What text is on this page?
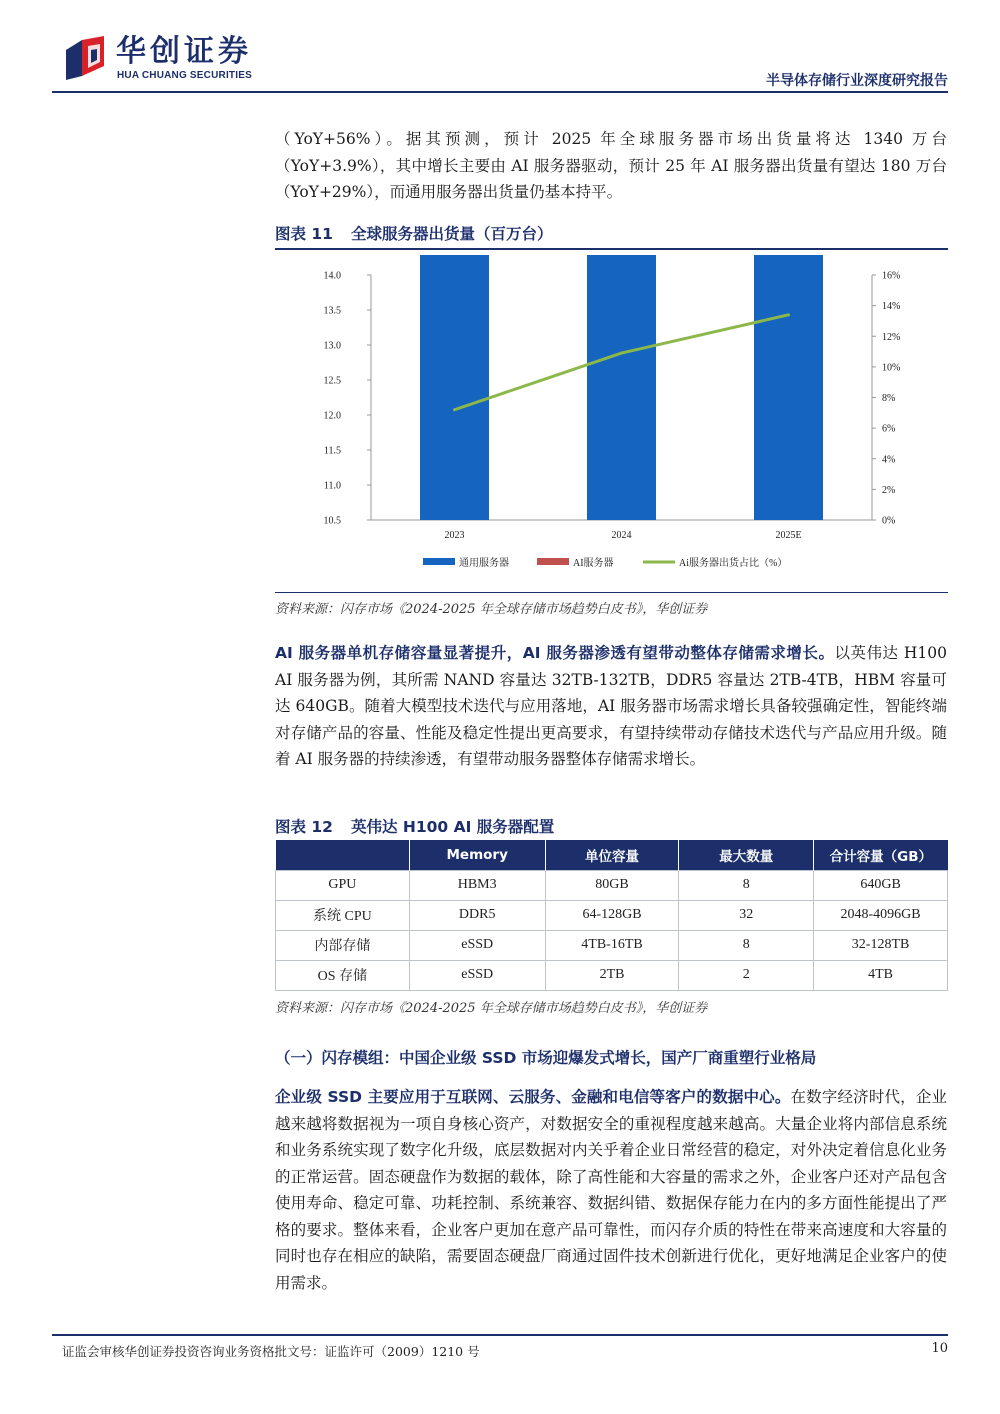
华创证券
HUA CHUANG SECURITIES	半导体存储行业深度研究报告

（YoY+56%）。据其预测，预计 2025 年全球服务器市场出货量将达 1340 万台（YoY+3.9%），其中增长主要由 AI 服务器驱动，预计 25 年 AI 服务器出货量有望达 180 万台（YoY+29%），而通用服务器出货量仍基本持平。

图表 11 全球服务器出货量（百万台）
10.5
11.0
11.5
12.0
12.5
13.0
13.5
14.0
0%
2%
4%
6%
8%
10%
12%
14%
16%
2023	2024	2025E
通用服务器	AI服务器	Ai服务器出货占比（%）
资料来源：闪存市场《2024-2025 年全球存储市场趋势白皮书》，华创证券

AI 服务器单机存储容量显著提升，AI 服务器渗透有望带动整体存储需求增长。以英伟达 H100 AI 服务器为例，其所需 NAND 容量达 32TB-132TB，DDR5 容量达 2TB-4TB，HBM 容量可达 640GB。随着大模型技术迭代与应用落地，AI 服务器市场需求增长具备较强确定性，智能终端对存储产品的容量、性能及稳定性提出更高要求，有望持续带动存储技术迭代与产品应用升级。随着 AI 服务器的持续渗透，有望带动服务器整体存储需求增长。

图表 12 英伟达 H100 AI 服务器配置
	Memory	单位容量	最大数量	合计容量（GB）
GPU	HBM3	80GB	8	640GB
系统 CPU	DDR5	64-128GB	32	2048-4096GB
内部存储	eSSD	4TB-16TB	8	32-128TB
OS 存储	eSSD	2TB	2	4TB
资料来源：闪存市场《2024-2025 年全球存储市场趋势白皮书》，华创证券
（一）闪存模组：中国企业级 SSD 市场迎爆发式增长，国产厂商重塑行业格局

企业级 SSD 主要应用于互联网、云服务、金融和电信等客户的数据中心。在数字经济时代，企业越来越将数据视为一项自身核心资产，对数据安全的重视程度越来越高。大量企业将内部信息系统和业务系统实现了数字化升级，底层数据对内关乎着企业日常经营的稳定，对外决定着信息化业务的正常运营。固态硬盘作为数据的载体，除了高性能和大容量的需求之外，企业客户还对产品包含使用寿命、稳定可靠、功耗控制、系统兼容、数据纠错、数据保存能力在内的多方面性能提出了严格的要求。整体来看，企业客户更加在意产品可靠性，而闪存介质的特性在带来高速度和大容量的同时也存在相应的缺陷，需要固态硬盘厂商通过固件技术创新进行优化，更好地满足企业客户的使用需求。

证监会审核华创证券投资咨询业务资格批文号：证监许可（2009）1210 号	10
